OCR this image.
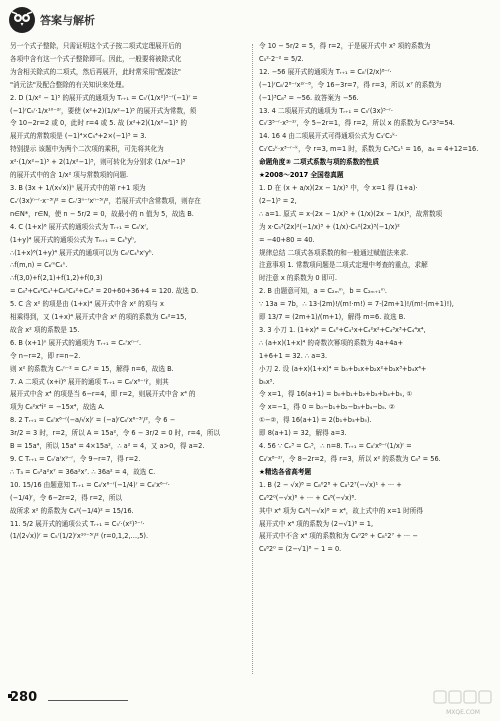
答案与解析

另一个式子整除，只需证明这个式子按二项式定理展开后的

各项中含有这一个式子整除即可。因此，一般要将被除式化

为含相关除式的二项式，然后再展开，此时常采用"配凑法"

"消元法"及配合整除的有关知识来处理。

2. D (1/x² − 1)⁵ 的展开式的通项为 Tᵣ₊₁ = C₅ʳ(1/x²)⁵⁻ʳ(−1)ʳ =

(−1)ʳC₅ʳ·1/x¹⁰⁻²ʳ，要使 (x²+2)(1/x²−1)⁵ 的展开式为常数，须

令 10−2r=2 或 0，此时 r=4 或 5. 故 (x²+2)(1/x²−1)⁵ 的

展开式的常数项是 (−1)⁴×C₅⁴+2×(−1)⁵ = 3.

特别提示 该题中为两个二次项的乘积，可先将其化为

x²·(1/x²−1)⁵ + 2(1/x²−1)⁵，则可转化为分别求 (1/x²−1)⁵

的展开式中的含 1/x² 项与常数项的问题.

3. B (3x + 1/(x√x))ⁿ 展开式中的第 r+1 项为

Cₙʳ(3x)ⁿ⁻ʳ·x⁻³ʳ/² = Cₙʳ3ⁿ⁻ʳxⁿ⁻⁵ʳ/²，若展开式中含常数项，则存在

n∈N*，r∈N，使 n − 5r/2 = 0，故最小的 n 值为 5，故选 B.

4. C (1+x)⁶ 展开式的通项公式为 Tᵣ₊₁ = C₆ʳxʳ,

(1+y)⁴ 展开式的通项公式为 Tₕ₊₁ = C₄ʰyʰ,

∴(1+x)⁶(1+y)⁴ 展开式的通项可以为 C₆ʳC₄ʰxʳyʰ.

∴f(m,n) = C₆ᵐC₄ⁿ.

∴f(3,0)+f(2,1)+f(1,2)+f(0,3)

= C₆³+C₆²C₄¹+C₆¹C₄²+C₄³ = 20+60+36+4 = 120. 故选 D.

5. C 含 x² 的项是由 (1+x)⁴ 展开式中含 x² 的项与 x

相乘得到，又 (1+x)⁴ 展开式中含 x² 的项的系数为 C₄²=15,

故含 x² 项的系数是 15.

6. B (x+1)ⁿ 展开式的通项为 Tᵣ₊₁ = Cₙʳxⁿ⁻ʳ.

令 n−r=2，即 r=n−2.

则 x² 的系数为 Cₙⁿ⁻² = Cₙ² = 15，解得 n=6，故选 B.

7. A 二项式 (x+i)⁶ 展开的通项 Tᵣ₊₁ = C₆ʳx⁶⁻ʳiʳ，则其

展开式中含 x⁴ 的项是当 6−r=4，即 r=2，则展开式中含 x⁴ 的

项为 C₆²x⁴i² = −15x⁴，故选 A.

8. 2 Tᵣ₊₁ = C₆ʳx⁶⁻ʳ(−a/√x)ʳ = (−a)ʳC₆ʳx⁶⁻³ʳ/²，令 6 −

3r/2 = 3 时，r=2，所以 A = 15a²，令 6 − 3r/2 = 0 时，r=4，所以

B = 15a⁴，所以 15a⁴ = 4×15a²，∴ a² = 4，又 a>0，得 a=2.

9. C Tᵣ₊₁ = C₉ʳaʳx⁹⁻ʳ，令 9−r=7，得 r=2.

∴ T₃ = C₉²a²x⁷ = 36a²x⁷. ∴ 36a² = 4，故选 C.

10. 15/16 由题意知 Tᵣ₊₁ = C₆ʳx⁶⁻ʳ(−1/4)ʳ = C₆ʳx⁶⁻ʳ·

(−1/4)ʳ，令 6−2r=2，得 r=2，所以

故所求 x² 的系数为 C₆²(−1/4)² = 15/16.

11. 5/2 展开式的通项公式 Tᵣ₊₁ = C₅ʳ·(x²)⁵⁻ʳ·

(1/(2√x))ʳ = C₅ʳ(1/2)ʳx¹⁰⁻⁵ʳ/² (r=0,1,2,…,5).

令 10 − 5r/2 = 5，得 r=2，于是展开式中 x⁵ 项的系数为

C₅²·2⁻² = 5/2.

12. −56 展开式的通项为 Tᵣ₊₁ = C₈ʳ(2/x)⁸⁻ʳ·

(−1)ʳC₈ʳ2⁸⁻ʳx²ʳ⁻⁸，令 16−3r=7，得 r=3，所以 x⁷ 的系数为

(−1)³C₈³ = −56. 故答案为 −56.

13. 4 二项展开式的通项为 Tᵣ₊₁ = C₅ʳ(3x)⁵⁻ʳ·

C₅ʳ3⁵⁻ʳ·x⁵⁻²ʳ，令 5−2r=1，得 r=2，所以 x 的系数为 C₅²3³=54.

14. 16 4 由二项展开式可得通项公式为 C₃ʳC₂ᵏ·

C₃ʳC₂ᵏ·x³⁻ʳ⁻ᵏ，令 r=3, m=1 时，系数为 C₃³C₂¹ = 16，a₄ = 4+12=16.

命题角度③ 二项式系数与项的系数的性质

★2008～2017 全国卷真题

1. D 在 (x + a/x)(2x − 1/x)⁵ 中，令 x=1 得 (1+a)·

(2−1)⁵ = 2,

∴ a=1. 原式 = x·(2x − 1/x)⁵ + (1/x)(2x − 1/x)⁵，故常数项

为 x·C₅³(2x)²(−1/x)³ + (1/x)·C₅²(2x)³(−1/x)²

= −40+80 = 40.

规律总结 二项式各项系数的和一般通过赋值法来求.

注意事项 1. 常数项问题是二项式定理中考查的重点，求解

时注意 x 的系数为 0 即可.

2. B 由题意可知，a = C₂ₘᵐ，b = C₂ₘ₊₁ᵐ.

∵ 13a = 7b，∴ 13·(2m)!/(m!·m!) = 7·(2m+1)!/(m!·(m+1)!),

即 13/7 = (2m+1)/(m+1)，解得 m=6. 故选 B.

3. 3 小刀 1. (1+x)⁴ = C₄⁰+C₄¹x+C₄²x²+C₄³x³+C₄⁴x⁴,

∴ (a+x)(1+x)⁴ 的奇数次幂项的系数为 4a+4a+

1+6+1 = 32. ∴ a=3.

小刀 2. 设 (a+x)(1+x)⁴ = b₀+b₁x+b₂x²+b₃x³+b₄x⁴+

b₅x⁵.

令 x=1，得 16(a+1) = b₀+b₁+b₂+b₃+b₄+b₅, ①

令 x=−1，得 0 = b₀−b₁+b₂−b₃+b₄−b₅. ②

①−②，得 16(a+1) = 2(b₁+b₃+b₅).

即 8(a+1) = 32，解得 a=3.

4. 56 ∵ Cₙ³ = Cₙ⁵，∴ n=8. Tᵣ₊₁ = C₈ʳx⁸⁻ʳ(1/x)ʳ =

C₈ʳx⁸⁻²ʳ，令 8−2r=2，得 r=3，所以 x² 的系数为 C₈³ = 56.

★精选各省高考题

1. B (2 − √x)⁸ = C₈⁰2⁸ + C₈¹2⁷(−√x)¹ + ··· +

C₈⁸2⁰(−√x)⁸ + ··· + C₈⁸(−√x)⁸.

其中 x⁴ 项为 C₈⁸(−√x)⁸ = x⁴，故上式中的 x=1 时所得

展开式中 x⁴ 项的系数为 (2−√1)⁸ = 1,

展开式中不含 x⁴ 项的系数和为 C₈⁰2⁸ + C₈¹2⁷ + ··· −

C₈⁸2⁰ = (2−√1)⁸ − 1 = 0.

280
MXQE.COM
